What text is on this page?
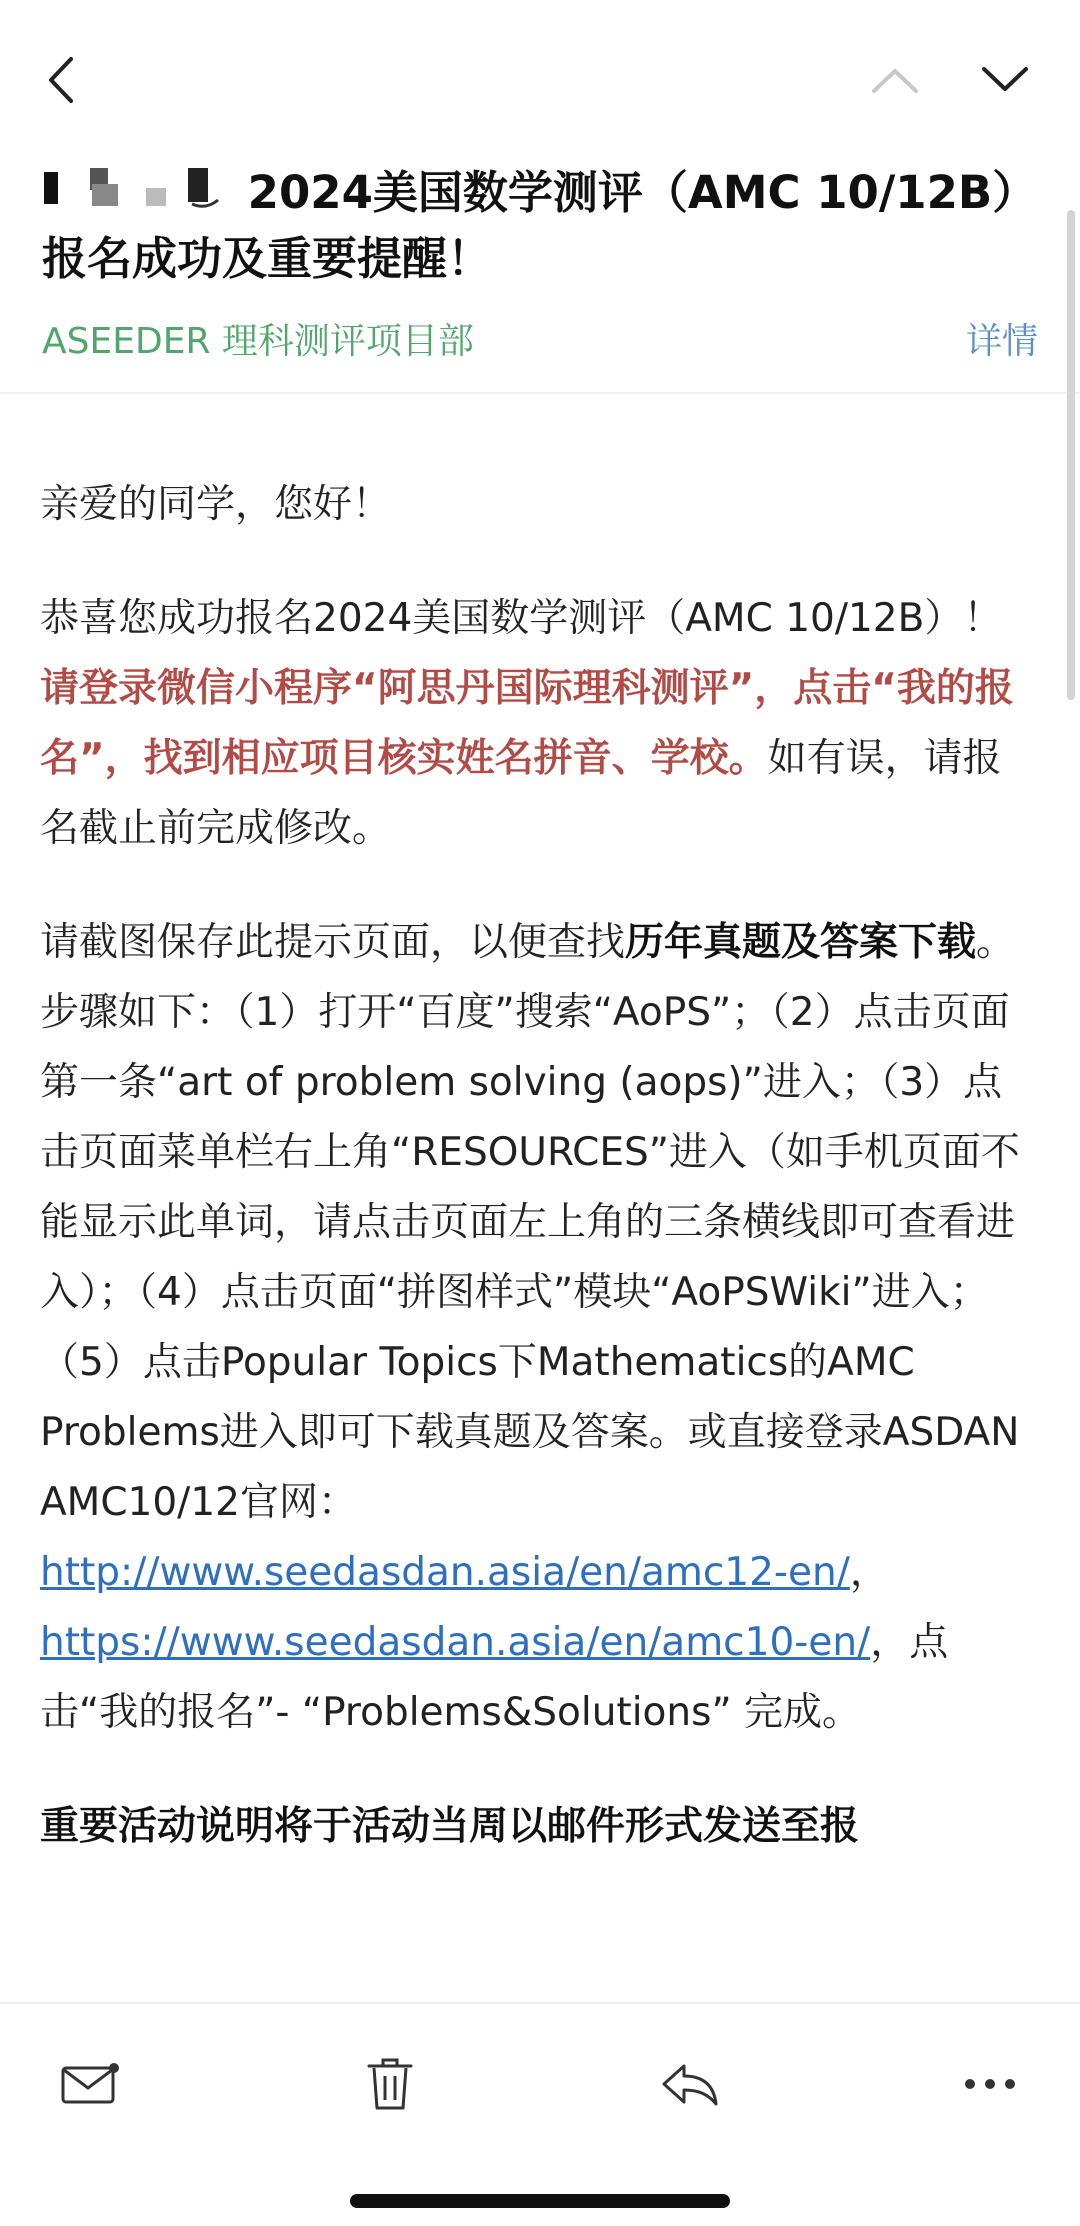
2024美国数学测评（AMC 10/12B）报名成功及重要提醒！
ASEEDER 理科测评项目部	详情
亲爱的同学，您好！
恭喜您成功报名2024美国数学测评（AMC 10/12B）！请登录微信小程序“阿思丹国际理科测评”，点击“我的报名”，找到相应项目核实姓名拼音、学校。如有误，请报名截止前完成修改。
请截图保存此提示页面，以便查找历年真题及答案下载。步骤如下：（1）打开“百度”搜索“AoPS”；（2）点击页面第一条“art of problem solving (aops)”进入；（3）点击页面菜单栏右上角“RESOURCES”进入（如手机页面不能显示此单词，请点击页面左上角的三条横线即可查看进入）；（4）点击页面“拼图样式”模块“AoPSWiki”进入；（5）点击Popular Topics下Mathematics的AMC Problems进入即可下载真题及答案。或直接登录ASDAN AMC10/12官网：http://www.seedasdan.asia/en/amc12-en/，https://www.seedasdan.asia/en/amc10-en/，点击“我的报名”- “Problems&Solutions” 完成。
重要活动说明将于活动当周以邮件形式发送至报
